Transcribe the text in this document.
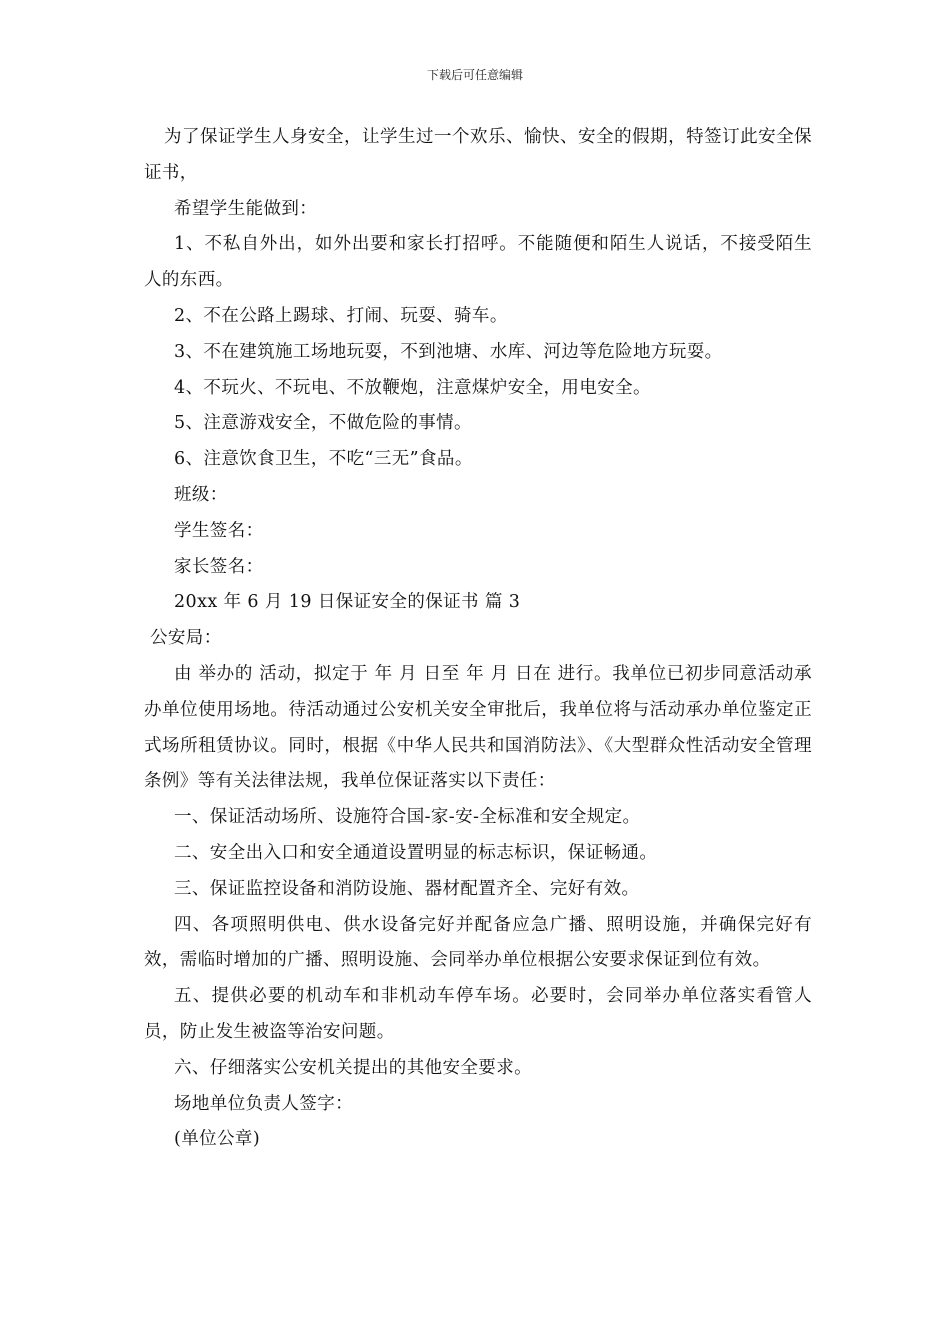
下载后可任意编辑

为了保证学生人身安全，让学生过一个欢乐、愉快、安全的假期，特签订此安全保证书，

希望学生能做到：

1、不私自外出，如外出要和家长打招呼。不能随便和陌生人说话，不接受陌生人的东西。

2、不在公路上踢球、打闹、玩耍、骑车。

3、不在建筑施工场地玩耍，不到池塘、水库、河边等危险地方玩耍。

4、不玩火、不玩电、不放鞭炮，注意煤炉安全，用电安全。

5、注意游戏安全，不做危险的事情。

6、注意饮食卫生，不吃“三无”食品。

班级：

学生签名：

家长签名：

20xx 年 6 月 19 日保证安全的保证书 篇 3

公安局：

由 举办的 活动，拟定于 年 月 日至 年 月 日在 进行。我单位已初步同意活动承办单位使用场地。待活动通过公安机关安全审批后，我单位将与活动承办单位鉴定正式场所租赁协议。同时，根据《中华人民共和国消防法》、《大型群众性活动安全管理条例》等有关法律法规，我单位保证落实以下责任：

一、保证活动场所、设施符合国-家-安-全标准和安全规定。

二、安全出入口和安全通道设置明显的标志标识，保证畅通。

三、保证监控设备和消防设施、器材配置齐全、完好有效。

四、各项照明供电、供水设备完好并配备应急广播、照明设施，并确保完好有效，需临时增加的广播、照明设施、会同举办单位根据公安要求保证到位有效。

五、提供必要的机动车和非机动车停车场。必要时，会同举办单位落实看管人员，防止发生被盗等治安问题。

六、仔细落实公安机关提出的其他安全要求。

场地单位负责人签字：

(单位公章)
